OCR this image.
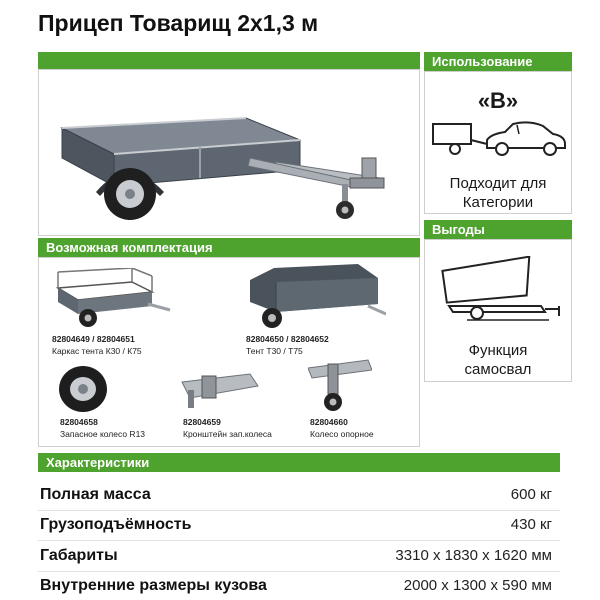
Прицеп Товарищ 2х1,3 м
Использование
«B»
Подходит для
Категории
Выгоды
Функция
самосвал
Возможная комплектация
82804649 / 82804651
Каркас тента К30 / К75
82804650 / 82804652
Тент Т30 / Т75
82804658
Запасное колесо R13
82804659
Кронштейн зап.колеса
82804660
Колесо опорное
Характеристики
Полная масса	600 кг
Грузоподъёмность	430 кг
Габариты	3310 х 1830 х 1620 мм
Внутренние размеры кузова	2000 х 1300 х 590 мм
